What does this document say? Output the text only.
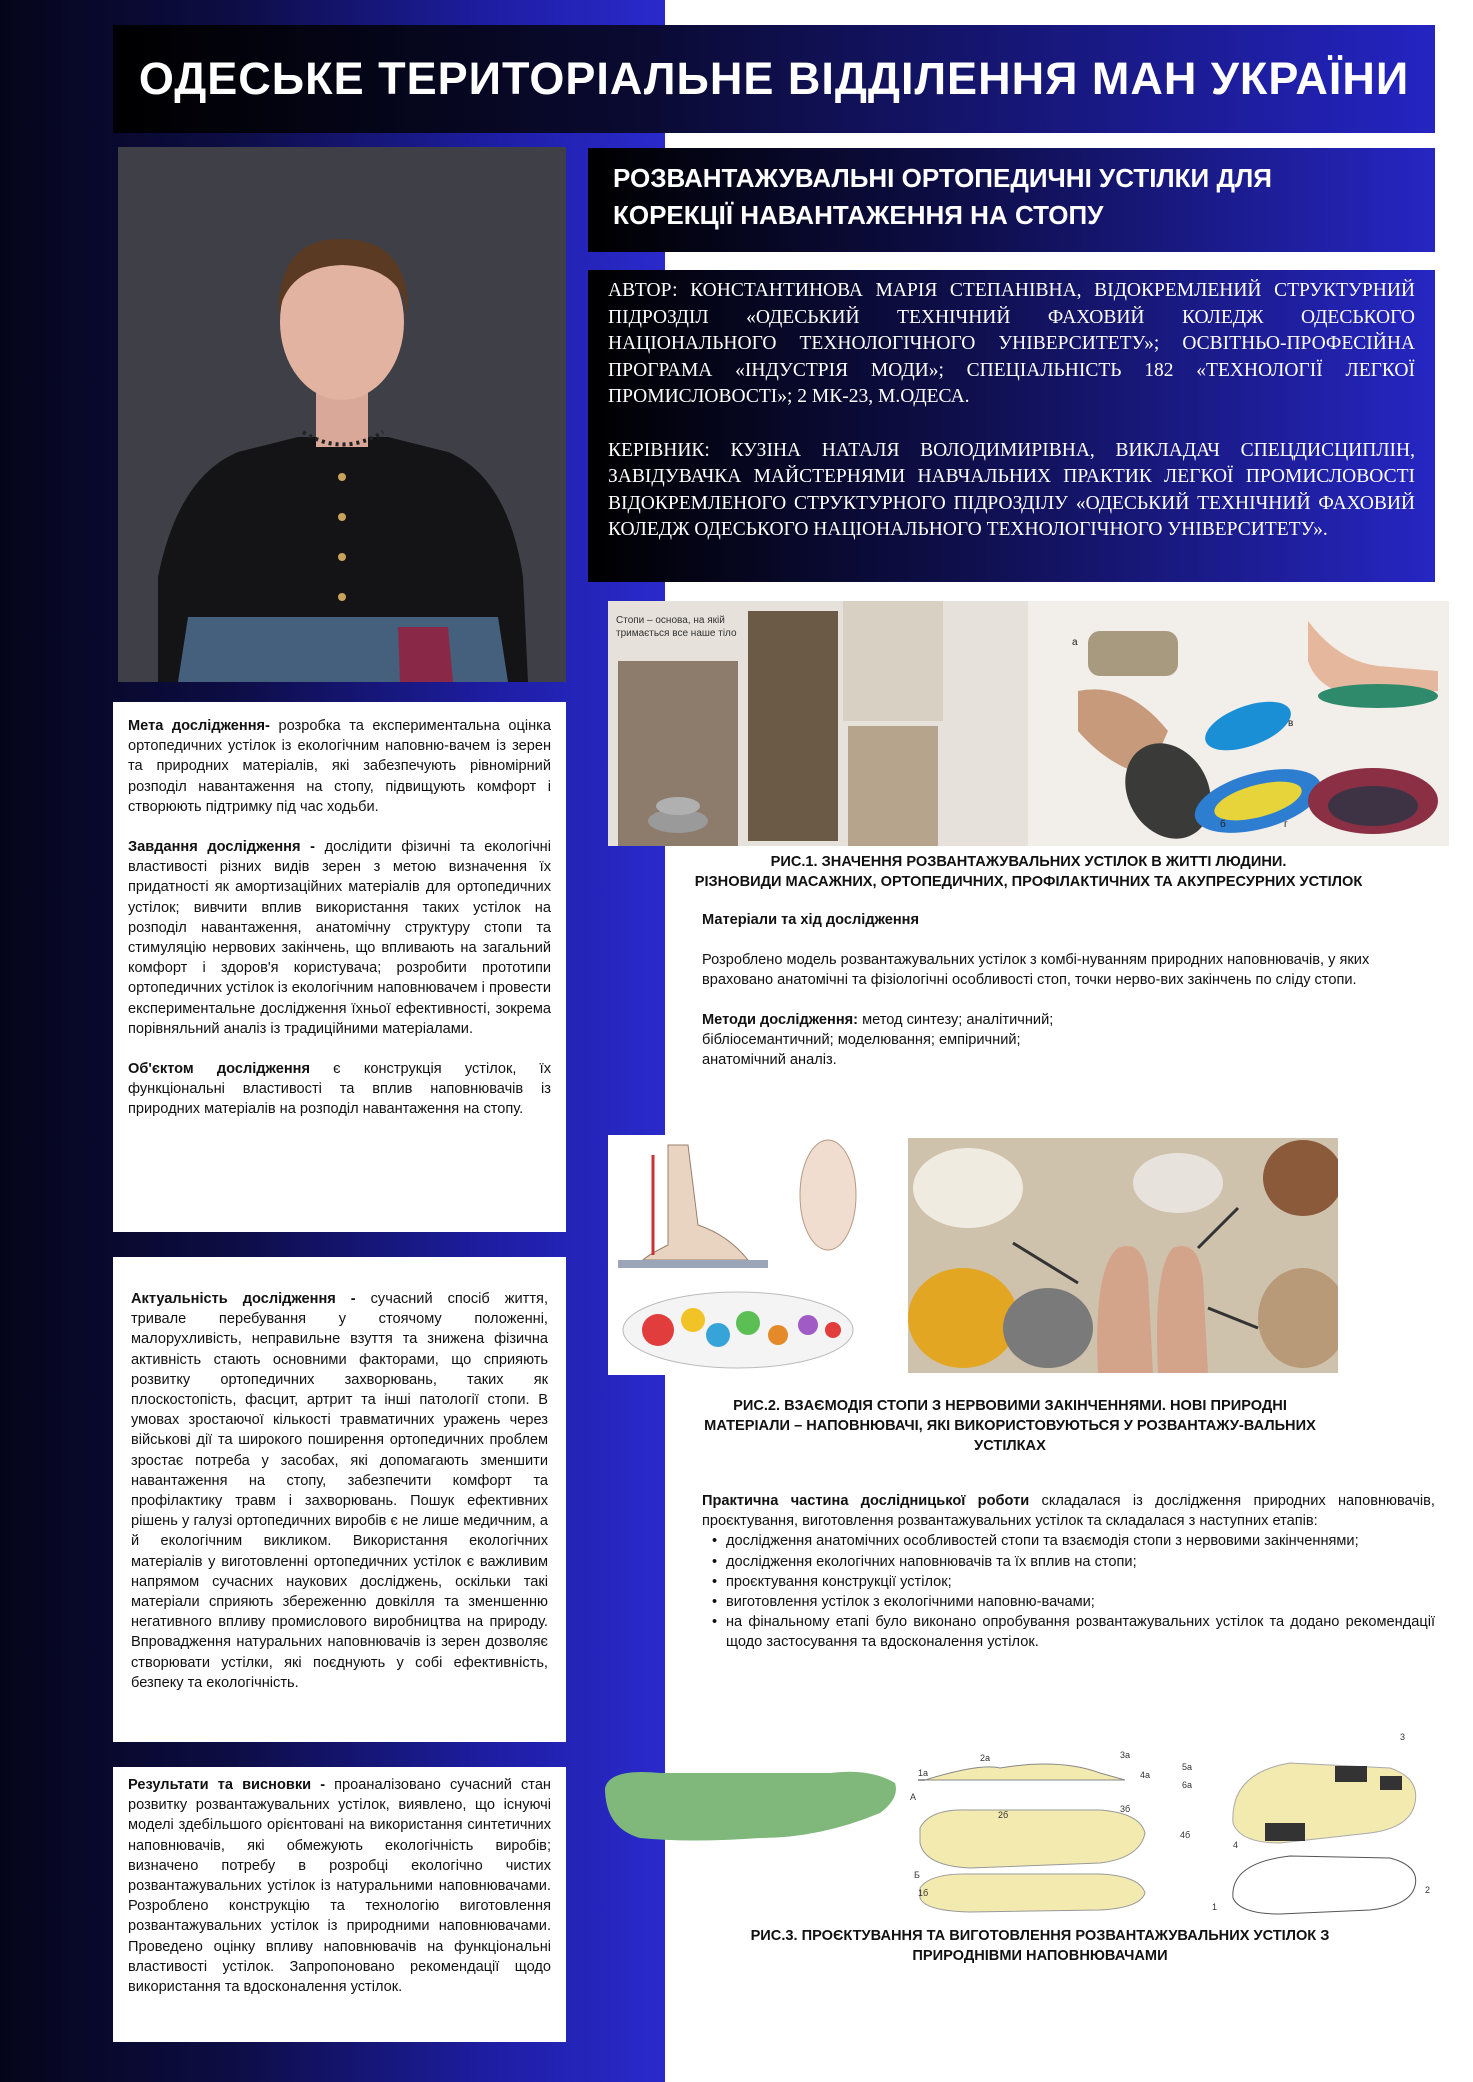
ОДЕСЬКЕ ТЕРИТОРІАЛЬНЕ ВІДДІЛЕННЯ МАН УКРАЇНИ
РОЗВАНТАЖУВАЛЬНІ ОРТОПЕДИЧНІ УСТІЛКИ ДЛЯ
КОРЕКЦІЇ НАВАНТАЖЕННЯ НА СТОПУ

АВТОР: КОНСТАНТИНОВА МАРІЯ СТЕПАНІВНА, ВІДОКРЕМЛЕНИЙ СТРУКТУРНИЙ ПІДРОЗДІЛ «ОДЕСЬКИЙ ТЕХНІЧНИЙ ФАХОВИЙ КОЛЕДЖ ОДЕСЬКОГО НАЦІОНАЛЬНОГО ТЕХНОЛОГІЧНОГО УНІВЕРСИТЕТУ»; ОСВІТНЬО-ПРОФЕСІЙНА ПРОГРАМА «ІНДУСТРІЯ МОДИ»; СПЕЦІАЛЬНІСТЬ 182 «ТЕХНОЛОГІЇ ЛЕГКОЇ ПРОМИСЛОВОСТІ»; 2 МК-23, М.ОДЕСА.

КЕРІВНИК: КУЗІНА НАТАЛЯ ВОЛОДИМИРІВНА, ВИКЛАДАЧ СПЕЦДИСЦИПЛІН, ЗАВІДУВАЧКА МАЙСТЕРНЯМИ НАВЧАЛЬНИХ ПРАКТИК ЛЕГКОЇ ПРОМИСЛОВОСТІ ВІДОКРЕМЛЕНОГО СТРУКТУРНОГО ПІДРОЗДІЛУ «ОДЕСЬКИЙ ТЕХНІЧНИЙ ФАХОВИЙ КОЛЕДЖ ОДЕСЬКОГО НАЦІОНАЛЬНОГО ТЕХНОЛОГІЧНОГО УНІВЕРСИТЕТУ».

Мета дослідження- розробка та експериментальна оцінка ортопедичних устілок із екологічним наповню-вачем із зерен та природних матеріалів, які забезпечують рівномірний розподіл навантаження на стопу, підвищують комфорт і створюють підтримку під час ходьби.

Завдання дослідження - дослідити фізичні та екологічні властивості різних видів зерен з метою визначення їх придатності як амортизаційних матеріалів для ортопедичних устілок; вивчити вплив використання таких устілок на розподіл навантаження, анатомічну структуру стопи та стимуляцію нервових закінчень, що впливають на загальний комфорт і здоров'я користувача; розробити прототипи ортопедичних устілок із екологічним наповнювачем і провести експериментальне дослідження їхньої ефективності, зокрема порівняльний аналіз із традиційними матеріалами.

Об'єктом дослідження є конструкція устілок, їх функціональні властивості та вплив наповнювачів із природних матеріалів на розподіл навантаження на стопу.

Актуальність дослідження - сучасний спосіб життя, тривале перебування у стоячому положенні, малорухливість, неправильне взуття та знижена фізична активність стають основними факторами, що сприяють розвитку ортопедичних захворювань, таких як плоскостопість, фасцит, артрит та інші патології стопи. В умовах зростаючої кількості травматичних уражень через військові дії та широкого поширення ортопедичних проблем зростає потреба у засобах, які допомагають зменшити навантаження на стопу, забезпечити комфорт та профілактику травм і захворювань. Пошук ефективних рішень у галузі ортопедичних виробів є не лише медичним, а й екологічним викликом. Використання екологічних матеріалів у виготовленні ортопедичних устілок є важливим напрямом сучасних наукових досліджень, оскільки такі матеріали сприяють збереженню довкілля та зменшенню негативного впливу промислового виробництва на природу. Впровадження натуральних наповнювачів із зерен дозволяє створювати устілки, які поєднують у собі ефективність, безпеку та екологічність.

Результати та висновки - проаналізовано сучасний стан розвитку розвантажувальних устілок, виявлено, що існуючі моделі здебільшого орієнтовані на використання синтетичних наповнювачів, які обмежують екологічність виробів; визначено потребу в розробці екологічно чистих розвантажувальних устілок із натуральними наповнювачами. Розроблено конструкцію та технологію виготовлення розвантажувальних устілок із природними наповнювачами. Проведено оцінку впливу наповнювачів на функціональні властивості устілок. Запропоновано рекомендації щодо використання та вдосконалення устілок.

Стопи – основа, на якій
тримається все наше тіло
а
б
в
г
РИС.1. ЗНАЧЕННЯ РОЗВАНТАЖУВАЛЬНИХ УСТІЛОК В ЖИТТІ ЛЮДИНИ.
РІЗНОВИДИ МАСАЖНИХ, ОРТОПЕДИЧНИХ, ПРОФІЛАКТИЧНИХ ТА АКУПРЕСУРНИХ УСТІЛОК
Матеріали та хід дослідження
Розроблено модель розвантажувальних устілок з комбі-нуванням природних наповнювачів, у яких враховано анатомічні та фізіологічні особливості стоп, точки нерво-вих закінчень по сліду стопи.
Методи дослідження: метод синтезу; аналітичний;
бібліосемантичний; моделювання; емпіричний;
анатомічний аналіз.
РИС.2. ВЗАЄМОДІЯ СТОПИ З НЕРВОВИМИ ЗАКІНЧЕННЯМИ. НОВІ ПРИРОДНІ
МАТЕРІАЛИ – НАПОВНЮВАЧІ, ЯКІ ВИКОРИСТОВУЮТЬСЯ У РОЗВАНТАЖУ-ВАЛЬНИХ
УСТІЛКАХ

Практична частина дослідницької роботи складалася із дослідження природних наповнювачів, проєктування, виготовлення розвантажувальних устілок та складалася з наступних етапів:

• дослідження анатомічних особливостей стопи та взаємодія стопи з нервовими закінченнями;
• дослідження екологічних наповнювачів та їх вплив на стопи;
• проєктування конструкції устілок;
• виготовлення устілок з екологічними наповню-вачами;
• на фінальному етапі було виконано опробування розвантажувальних устілок та додано рекомендації щодо застосування та вдосконалення устілок.
1а
2а	3а
4а
5а
6а
А
2б
3б
4б
Б
1б
1
2
3
4
РИС.3. ПРОЄКТУВАННЯ ТА ВИГОТОВЛЕННЯ РОЗВАНТАЖУВАЛЬНИХ УСТІЛОК З
ПРИРОДНІВМИ НАПОВНЮВАЧАМИ
